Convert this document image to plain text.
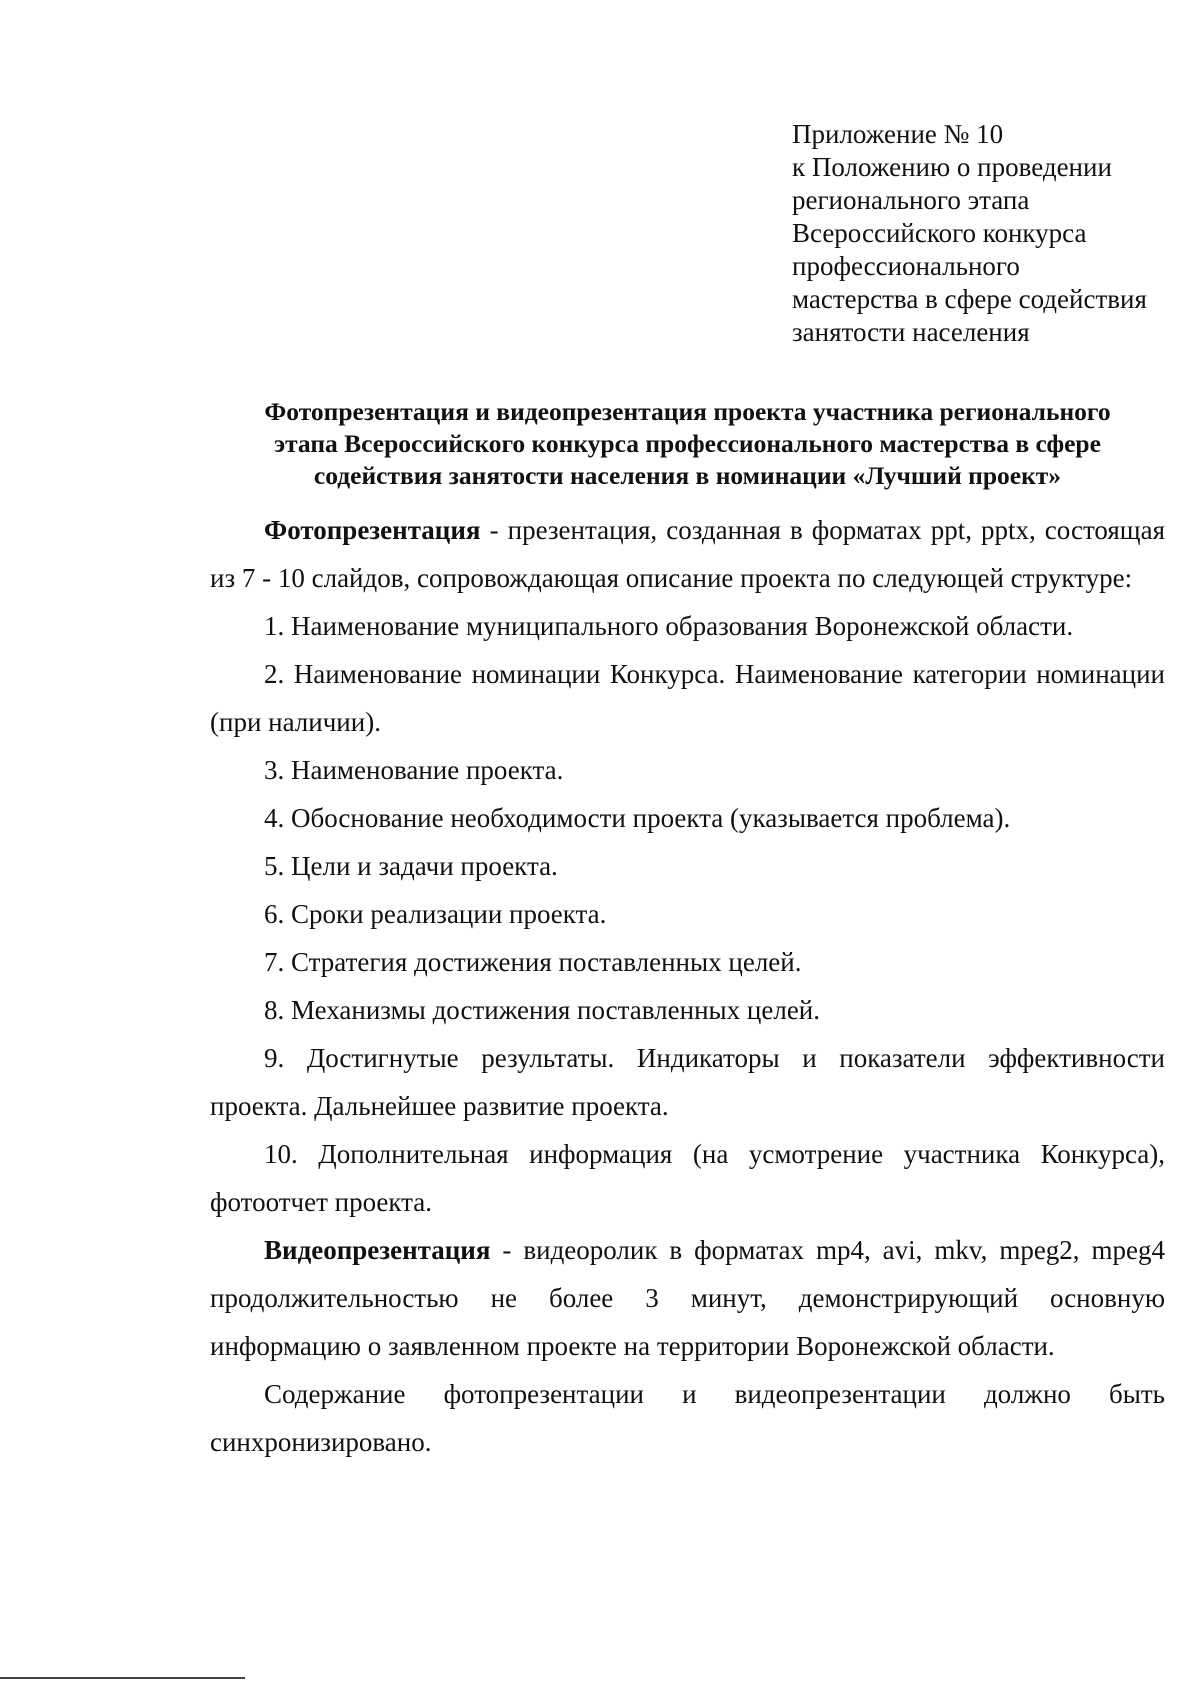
Приложение № 10
к Положению о проведении
регионального этапа
Всероссийского конкурса
профессионального
мастерства в сфере содействия
занятости населения
Фотопрезентация и видеопрезентация проекта участника регионального
этапа Всероссийского конкурса профессионального мастерства в сфере
содействия занятости населения в номинации «Лучший проект»

Фотопрезентация - презентация, созданная в форматах ppt, pptx, состоящая из 7 - 10 слайдов, сопровождающая описание проекта по следующей структуре:

1. Наименование муниципального образования Воронежской области.

2. Наименование номинации Конкурса. Наименование категории номинации (при наличии).

3. Наименование проекта.

4. Обоснование необходимости проекта (указывается проблема).

5. Цели и задачи проекта.

6. Сроки реализации проекта.

7. Стратегия достижения поставленных целей.

8. Механизмы достижения поставленных целей.

9. Достигнутые результаты. Индикаторы и показатели эффективности проекта. Дальнейшее развитие проекта.

10. Дополнительная информация (на усмотрение участника Конкурса), фотоотчет проекта.

Видеопрезентация - видеоролик в форматах mp4, avi, mkv, mpeg2, mpeg4 продолжительностью не более 3 минут, демонстрирующий основную информацию о заявленном проекте на территории Воронежской области.

Содержание фотопрезентации и видеопрезентации должно быть синхронизировано.
